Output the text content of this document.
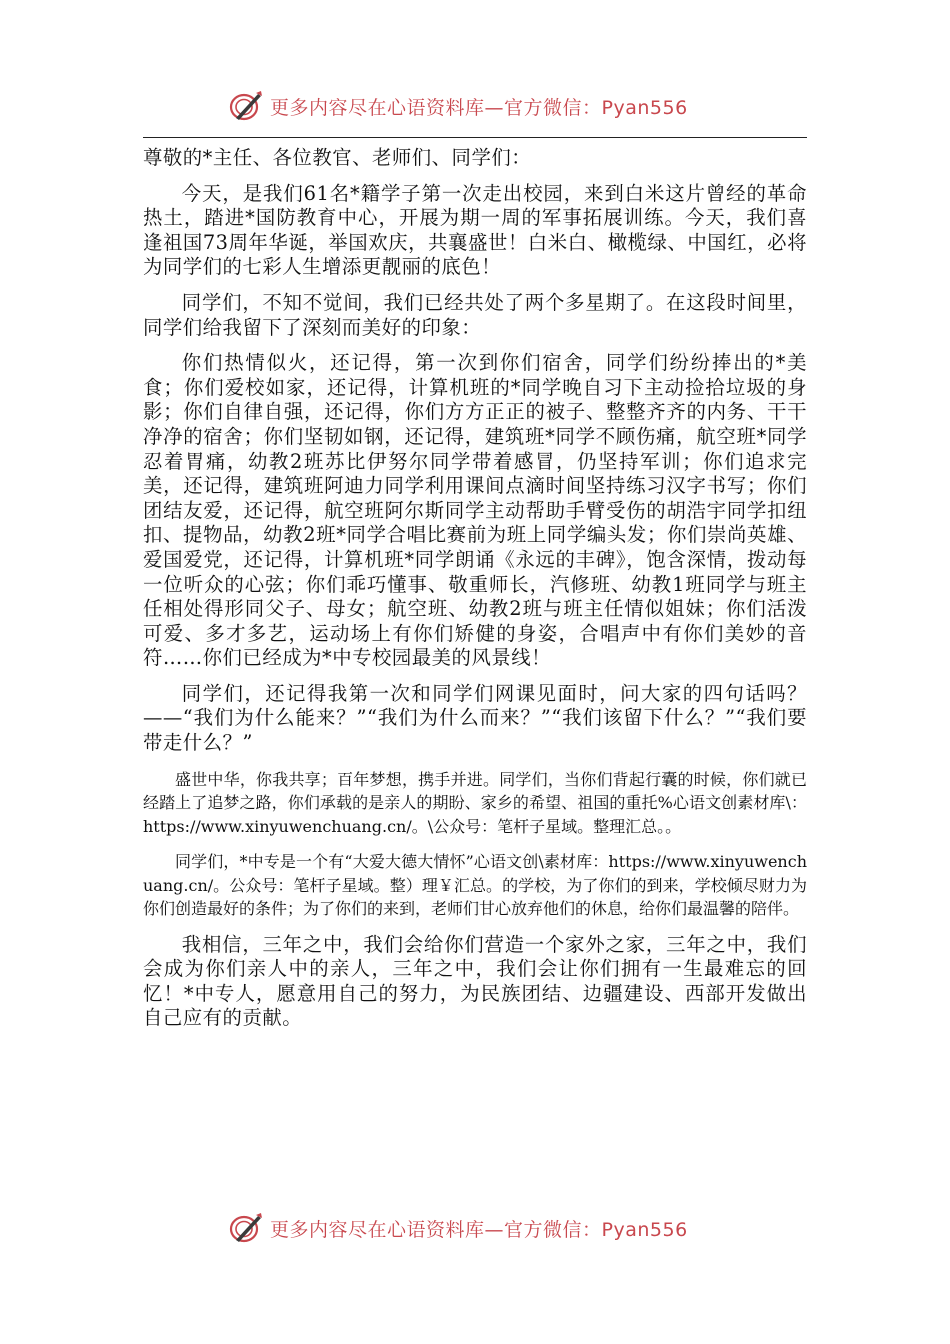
更多内容尽在心语资料库—官方微信：Pyan556

尊敬的*主任、各位教官、老师们、同学们：

今天，是我们61名*籍学子第一次走出校园，来到白米这片曾经的革命热土，踏进*国防教育中心，开展为期一周的军事拓展训练。今天，我们喜逢祖国73周年华诞，举国欢庆，共襄盛世！白米白、橄榄绿、中国红，必将为同学们的七彩人生增添更靓丽的底色！

同学们，不知不觉间，我们已经共处了两个多星期了。在这段时间里，同学们给我留下了深刻而美好的印象：

你们热情似火，还记得，第一次到你们宿舍，同学们纷纷捧出的*美食；你们爱校如家，还记得，计算机班的*同学晚自习下主动捡拾垃圾的身影；你们自律自强，还记得，你们方方正正的被子、整整齐齐的内务、干干净净的宿舍；你们坚韧如钢，还记得，建筑班*同学不顾伤痛，航空班*同学忍着胃痛，幼教2班苏比伊努尔同学带着感冒，仍坚持军训；你们追求完美，还记得，建筑班阿迪力同学利用课间点滴时间坚持练习汉字书写；你们团结友爱，还记得，航空班阿尔斯同学主动帮助手臂受伤的胡浩宇同学扣纽扣、提物品，幼教2班*同学合唱比赛前为班上同学编头发；你们崇尚英雄、爱国爱党，还记得，计算机班*同学朗诵《永远的丰碑》，饱含深情，拨动每一位听众的心弦；你们乖巧懂事、敬重师长，汽修班、幼教1班同学与班主任相处得形同父子、母女；航空班、幼教2班与班主任情似姐妹；你们活泼可爱、多才多艺，运动场上有你们矫健的身姿，合唱声中有你们美妙的音符……你们已经成为*中专校园最美的风景线！

同学们，还记得我第一次和同学们网课见面时，问大家的四句话吗？——“我们为什么能来？”“我们为什么而来？”“我们该留下什么？”“我们要带走什么？”

盛世中华，你我共享；百年梦想，携手并进。同学们，当你们背起行囊的时候，你们就已经踏上了追梦之路，你们承载的是亲人的期盼、家乡的希望、祖国的重托%心语文创素材库\：https://www.xinyuwenchuang.cn/。\公众号：笔杆子星域。整理汇总。。

同学们，*中专是一个有“大爱大德大情怀”心语文创\素材库：https://www.xinyuwenchuang.cn/。公众号：笔杆子星域。整）理￥汇总。的学校，为了你们的到来，学校倾尽财力为你们创造最好的条件；为了你们的来到，老师们甘心放弃他们的休息，给你们最温馨的陪伴。

我相信，三年之中，我们会给你们营造一个家外之家，三年之中，我们会成为你们亲人中的亲人，三年之中，我们会让你们拥有一生最难忘的回忆！*中专人，愿意用自己的努力，为民族团结、边疆建设、西部开发做出自己应有的贡献。

更多内容尽在心语资料库—官方微信：Pyan556
